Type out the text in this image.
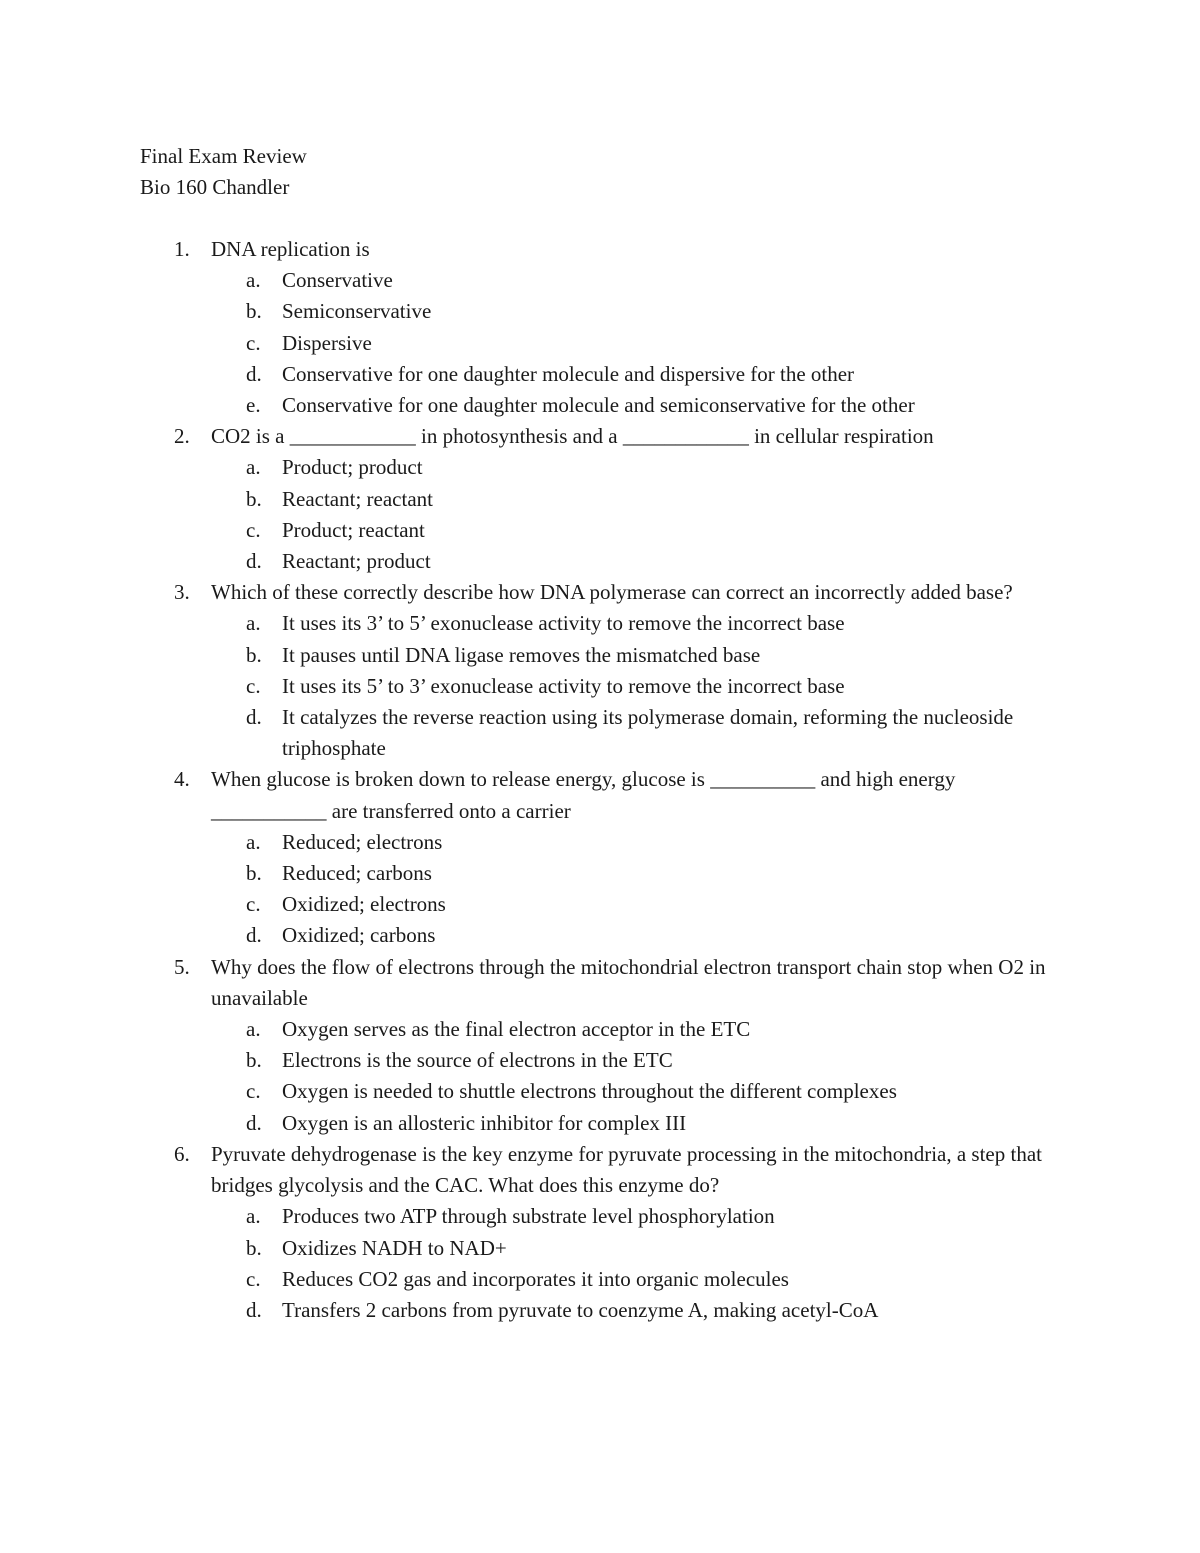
Final Exam Review
Bio 160 Chandler
1.	DNA replication is
a.	Conservative
b. Semiconservative
c.	Dispersive
d. Conservative for one daughter molecule and dispersive for the other
e.	Conservative for one daughter molecule and semiconservative for the other
2.	CO2 is a ____________ in photosynthesis and a ____________ in cellular respiration
a.	Product; product
b. Reactant; reactant
c.	Product; reactant
d. Reactant; product
3.	Which of these correctly describe how DNA polymerase can correct an incorrectly added base?
a.	It uses its 3’ to 5’ exonuclease activity to remove the incorrect base
b. It pauses until DNA ligase removes the mismatched base
c.	It uses its 5’ to 3’ exonuclease activity to remove the incorrect base
d. It catalyzes the reverse reaction using its polymerase domain, reforming the nucleoside triphosphate
4.	When glucose is broken down to release energy, glucose is __________ and high energy ___________ are transferred onto a carrier
a.	Reduced; electrons
b. Reduced; carbons
c.	Oxidized; electrons
d. Oxidized; carbons
5.	Why does the flow of electrons through the mitochondrial electron transport chain stop when O2 in unavailable
a.	Oxygen serves as the final electron acceptor in the ETC
b. Electrons is the source of electrons in the ETC
c.	Oxygen is needed to shuttle electrons throughout the different complexes
d. Oxygen is an allosteric inhibitor for complex III
6.	Pyruvate dehydrogenase is the key enzyme for pyruvate processing in the mitochondria, a step that bridges glycolysis and the CAC. What does this enzyme do?
a.	Produces two ATP through substrate level phosphorylation
b. Oxidizes NADH to NAD+
c.	Reduces CO2 gas and incorporates it into organic molecules
d. Transfers 2 carbons from pyruvate to coenzyme A, making acetyl-CoA
